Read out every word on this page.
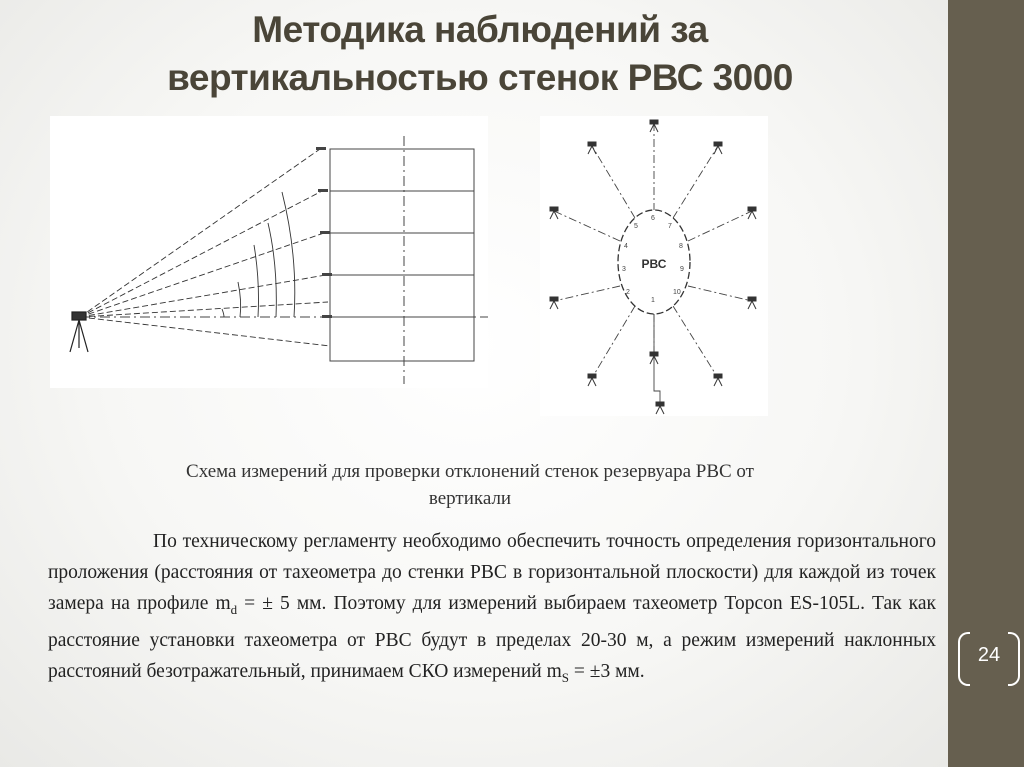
Методика наблюдений за
вертикальностью стенок РВС 3000
РВС
1
2
3
4
5
6
7
8
9
10
Схема измерений для проверки отклонений стенок резервуара РВС от
вертикали
По техническому регламенту необходимо обеспечить точность определения горизонтального проложения (расстояния от тахеометра до стенки РВС в горизонтальной плоскости) для каждой из точек замера на профиле $m_d$ = ± 5 мм. Поэтому для измерений выбираем тахеометр Topcon ES-105L. Так как расстояние установки тахеометра от РВС будут в пределах 20-30 м, а режим измерений наклонных расстояний безотражательный, принимаем СКО измерений $m_S = \pm 3$ мм.
24
